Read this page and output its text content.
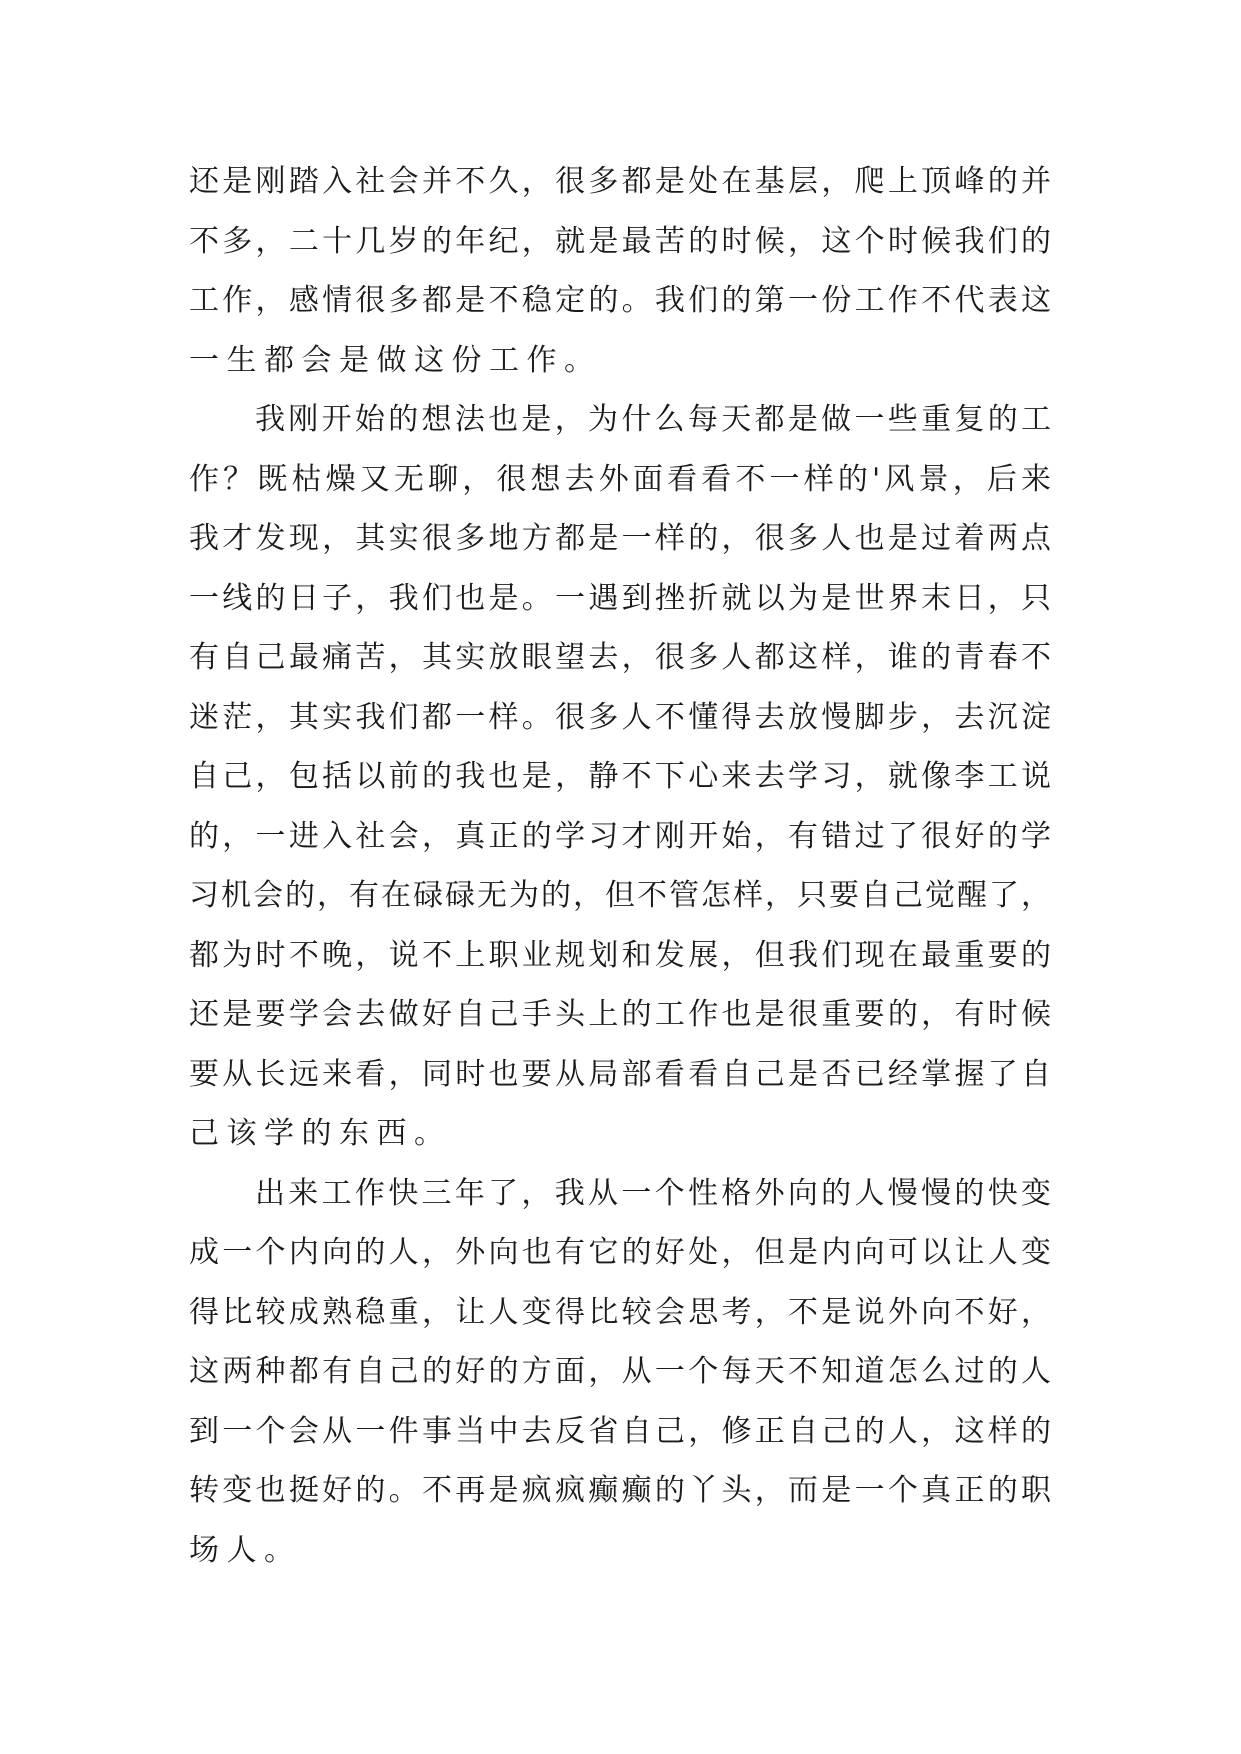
还是刚踏入社会并不久，很多都是处在基层，爬上顶峰的并
不多，二十几岁的年纪，就是最苦的时候，这个时候我们的
工作，感情很多都是不稳定的。我们的第一份工作不代表这
一生都会是做这份工作。
我刚开始的想法也是，为什么每天都是做一些重复的工
作？既枯燥又无聊，很想去外面看看不一样的'风景，后来
我才发现，其实很多地方都是一样的，很多人也是过着两点
一线的日子，我们也是。一遇到挫折就以为是世界末日，只
有自己最痛苦，其实放眼望去，很多人都这样，谁的青春不
迷茫，其实我们都一样。很多人不懂得去放慢脚步，去沉淀
自己，包括以前的我也是，静不下心来去学习，就像李工说
的，一进入社会，真正的学习才刚开始，有错过了很好的学
习机会的，有在碌碌无为的，但不管怎样，只要自己觉醒了，
都为时不晚，说不上职业规划和发展，但我们现在最重要的
还是要学会去做好自己手头上的工作也是很重要的，有时候
要从长远来看，同时也要从局部看看自己是否已经掌握了自
己该学的东西。
出来工作快三年了，我从一个性格外向的人慢慢的快变
成一个内向的人，外向也有它的好处，但是内向可以让人变
得比较成熟稳重，让人变得比较会思考，不是说外向不好，
这两种都有自己的好的方面，从一个每天不知道怎么过的人
到一个会从一件事当中去反省自己，修正自己的人，这样的
转变也挺好的。不再是疯疯癫癫的丫头，而是一个真正的职
场人。
